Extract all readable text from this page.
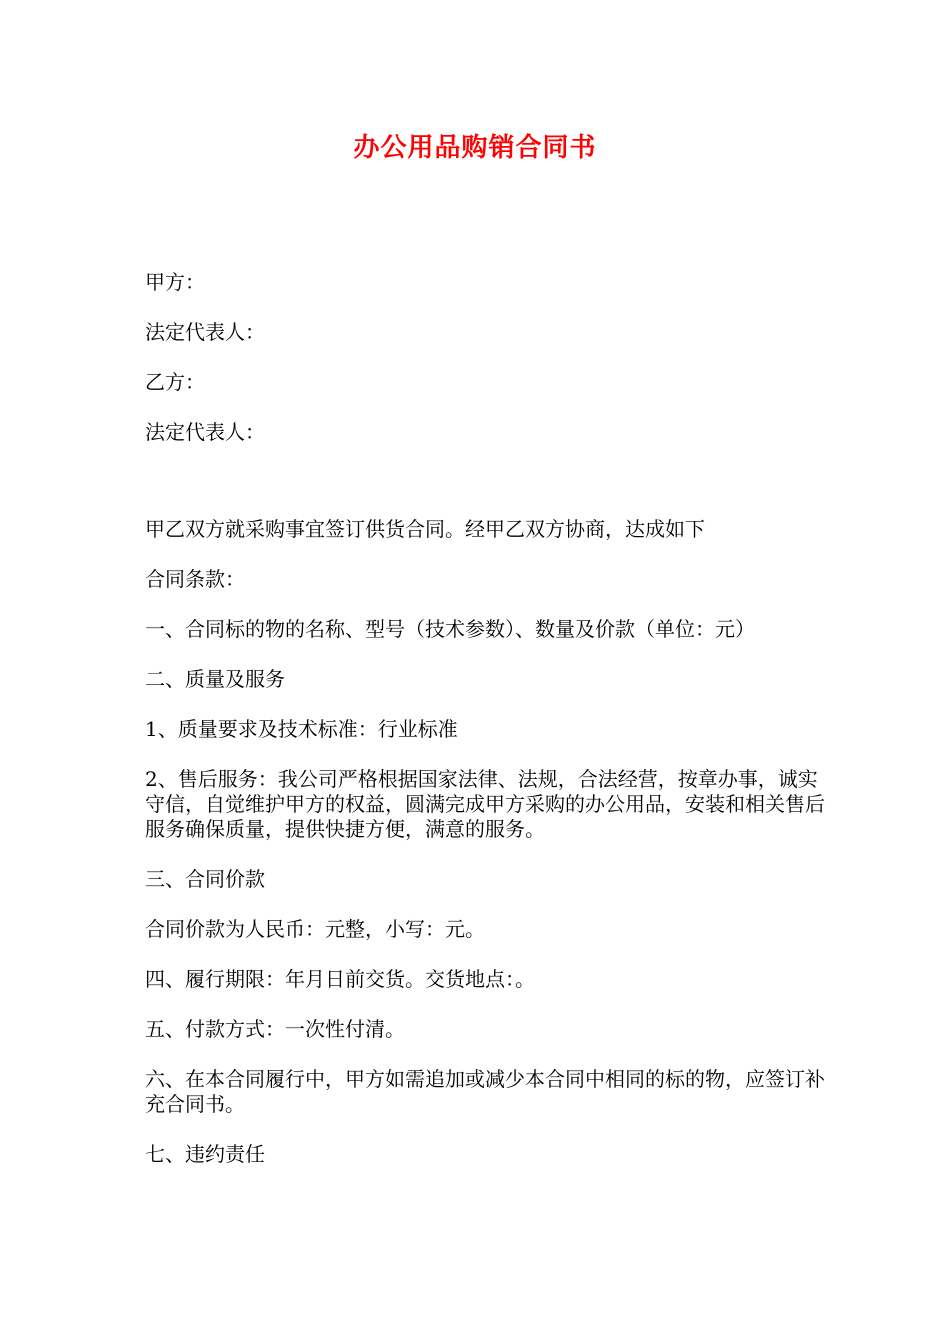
办公用品购销合同书

甲方：

法定代表人：

乙方：

法定代表人：

甲乙双方就采购事宜签订供货合同。经甲乙双方协商，达成如下

合同条款：

一、合同标的物的名称、型号（技术参数）、数量及价款（单位：元）

二、质量及服务

1、质量要求及技术标准：行业标准

2、售后服务：我公司严格根据国家法律、法规，合法经营，按章办事，诚实守信，自觉维护甲方的权益，圆满完成甲方采购的办公用品，安装和相关售后服务确保质量，提供快捷方便，满意的服务。

三、合同价款

合同价款为人民币：元整，小写：元。

四、履行期限：年月日前交货。交货地点：。

五、付款方式：一次性付清。

六、在本合同履行中，甲方如需追加或减少本合同中相同的标的物，应签订补充合同书。

七、违约责任
